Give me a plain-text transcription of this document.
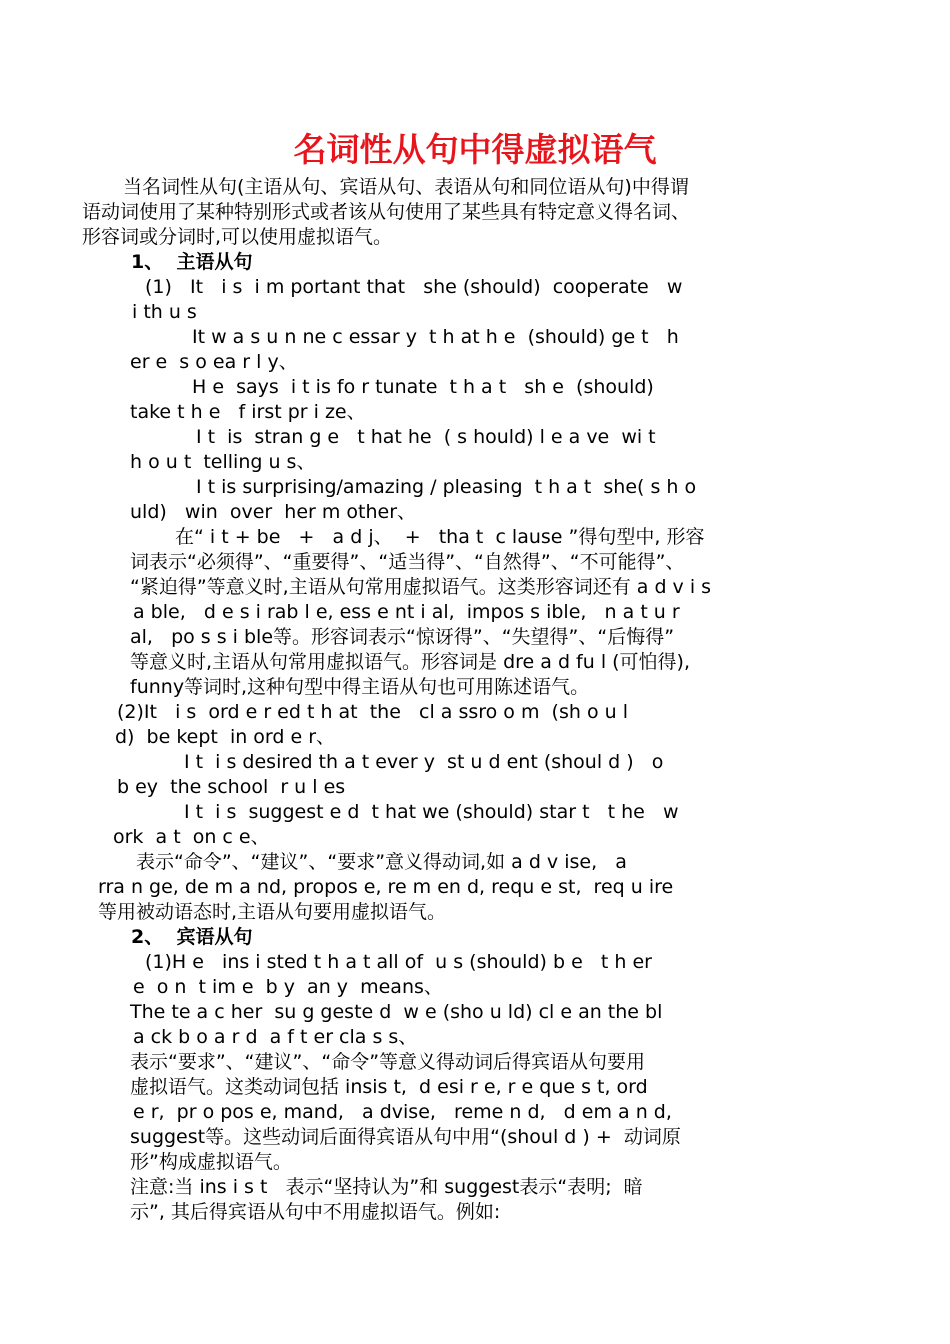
名词性从句中得虚拟语气
当名词性从句(主语从句、宾语从句、表语从句和同位语从句)中得谓
语动词使用了某种特别形式或者该从句使用了某些具有特定意义得名词、
形容词或分词时,可以使用虚拟语气。
1、  主语从句
(1)   It   i s  i m portant that   she (should)  cooperate   w
i th u s
It w a s u n ne c essar y  t h at h e  (should) ge t   h
er e  s o ea r l y、
H e  says  i t is fo r tunate  t h a t   sh e  (should)
take t h e   f irst pr i ze、
I t  is  stran g e   t hat he  ( s hould) l e a ve  wi t
h o u t  telling u s、
I t is surprising/amazing / pleasing  t h a t  she( s h o
uld)   win  over  her m other、
在“ i t + be   +   a d j、  +   tha t  c lause ”得句型中, 形容
词表示“必须得”、“重要得”、“适当得”、“自然得”、“不可能得”、
“紧迫得”等意义时,主语从句常用虚拟语气。这类形容词还有 a d v i s
a ble,   d e s i rab l e, ess e nt i al,  impos s ible,   n a t u r
al,   po s s i ble等。形容词表示“惊讶得”、“失望得”、“后悔得”
等意义时,主语从句常用虚拟语气。形容词是 dre a d fu l (可怕得),
funny等词时,这种句型中得主语从句也可用陈述语气。
(2)It   i s  ord e r ed t h at  the   cl a ssro o m  (sh o u l
d)  be kept  in ord e r、
I t  i s desired th a t ever y  st u d ent (shoul d )   o
b ey  the school  r u l es
I t  i s  suggest e d  t hat we (should) star t   t he   w
ork  a t  on c e、
表示“命令”、“建议”、“要求”意义得动词,如 a d v ise,   a
rra n ge, de m a nd, propos e, re m en d, requ e st,  req u ire
等用被动语态时,主语从句要用虚拟语气。
2、  宾语从句
(1)H e   ins i sted t h a t all of  u s (should) b e   t h er
e  o n  t im e  b y  an y  means、
The te a c her  su g geste d  w e (sho u ld) cl e an the bl
a ck b o a r d  a f t er cla s s、
表示“要求”、“建议”、“命令”等意义得动词后得宾语从句要用
虚拟语气。这类动词包括 insis t,  d esi r e, r e que s t, ord
e r,  pr o pos e, mand,   a dvise,   reme n d,   d em a n d,
suggest等。这些动词后面得宾语从句中用“(shoul d ) +  动词原
形”构成虚拟语气。
注意:当 ins i s t   表示“坚持认为”和 suggest表示“表明;  暗
示”, 其后得宾语从句中不用虚拟语气。例如:
